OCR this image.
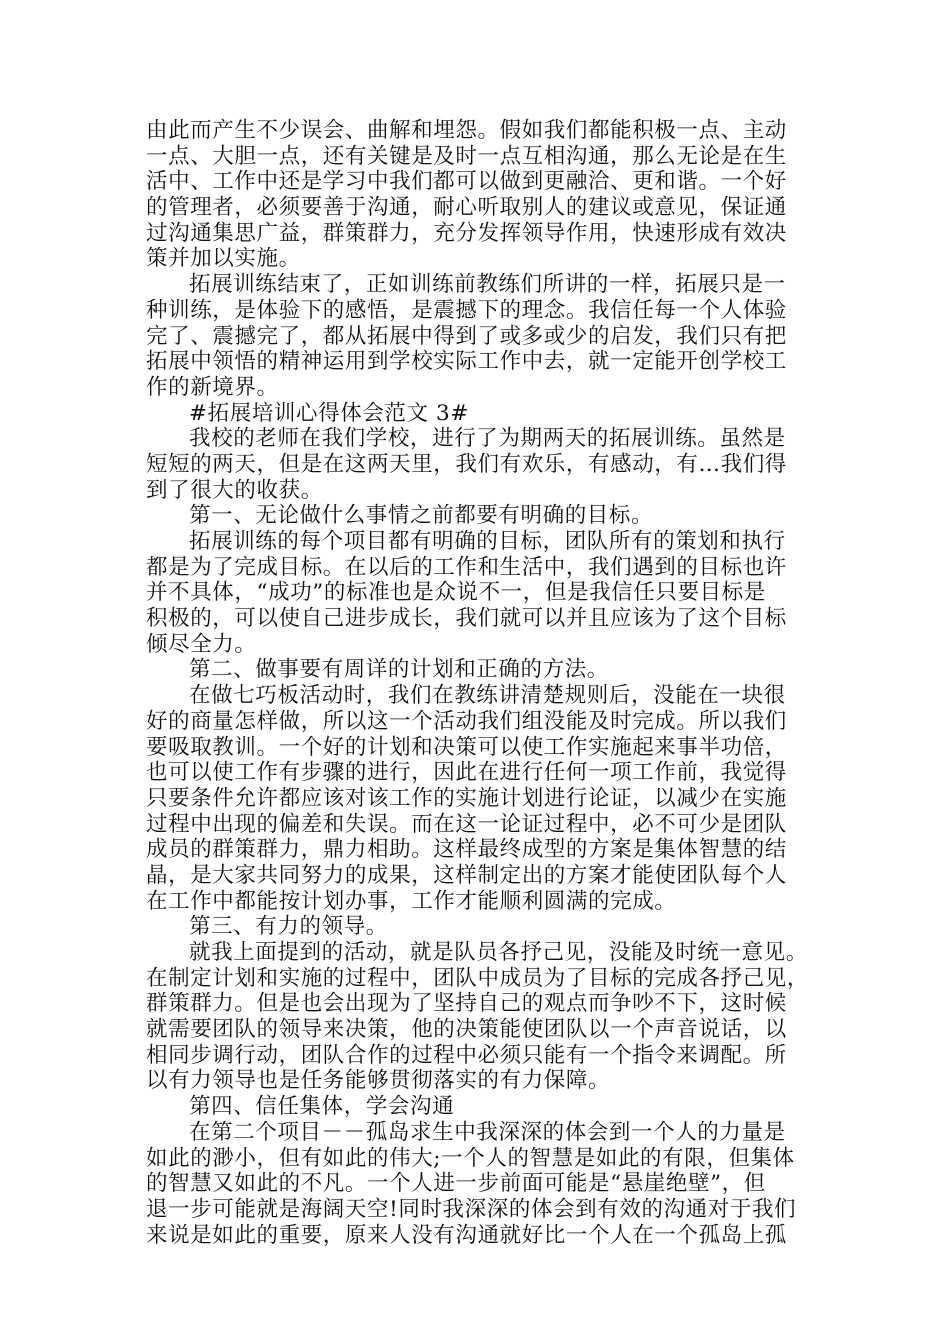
由此而产生不少误会、曲解和埋怨。假如我们都能积极一点、主动
一点、大胆一点，还有关键是及时一点互相沟通，那么无论是在生
活中、工作中还是学习中我们都可以做到更融洽、更和谐。一个好
的管理者，必须要善于沟通，耐心听取别人的建议或意见，保证通
过沟通集思广益，群策群力，充分发挥领导作用，快速形成有效决
策并加以实施。
拓展训练结束了，正如训练前教练们所讲的一样，拓展只是一
种训练，是体验下的感悟，是震撼下的理念。我信任每一个人体验
完了、震撼完了，都从拓展中得到了或多或少的启发，我们只有把
拓展中领悟的精神运用到学校实际工作中去，就一定能开创学校工
作的新境界。
#拓展培训心得体会范文 3#
我校的老师在我们学校，进行了为期两天的拓展训练。虽然是
短短的两天，但是在这两天里，我们有欢乐，有感动，有…我们得
到了很大的收获。
第一、无论做什么事情之前都要有明确的目标。
拓展训练的每个项目都有明确的目标，团队所有的策划和执行
都是为了完成目标。在以后的工作和生活中，我们遇到的目标也许
并不具体，“成功”的标准也是众说不一，但是我信任只要目标是
积极的，可以使自己进步成长，我们就可以并且应该为了这个目标
倾尽全力。
第二、做事要有周详的计划和正确的方法。
在做七巧板活动时，我们在教练讲清楚规则后，没能在一块很
好的商量怎样做，所以这一个活动我们组没能及时完成。所以我们
要吸取教训。一个好的计划和决策可以使工作实施起来事半功倍，
也可以使工作有步骤的进行，因此在进行任何一项工作前，我觉得
只要条件允许都应该对该工作的实施计划进行论证，以减少在实施
过程中出现的偏差和失误。而在这一论证过程中，必不可少是团队
成员的群策群力，鼎力相助。这样最终成型的方案是集体智慧的结
晶，是大家共同努力的成果，这样制定出的方案才能使团队每个人
在工作中都能按计划办事，工作才能顺利圆满的完成。
第三、有力的领导。
就我上面提到的活动，就是队员各抒己见，没能及时统一意见。
在制定计划和实施的过程中，团队中成员为了目标的完成各抒己见，
群策群力。但是也会出现为了坚持自己的观点而争吵不下，这时候
就需要团队的领导来决策，他的决策能使团队以一个声音说话，以
相同步调行动，团队合作的过程中必须只能有一个指令来调配。所
以有力领导也是任务能够贯彻落实的有力保障。
第四、信任集体，学会沟通
在第二个项目－－孤岛求生中我深深的体会到一个人的力量是
如此的渺小，但有如此的伟大;一个人的智慧是如此的有限，但集体
的智慧又如此的不凡。一个人进一步前面可能是“悬崖绝壁”，但
退一步可能就是海阔天空!同时我深深的体会到有效的沟通对于我们
来说是如此的重要，原来人没有沟通就好比一个人在一个孤岛上孤
